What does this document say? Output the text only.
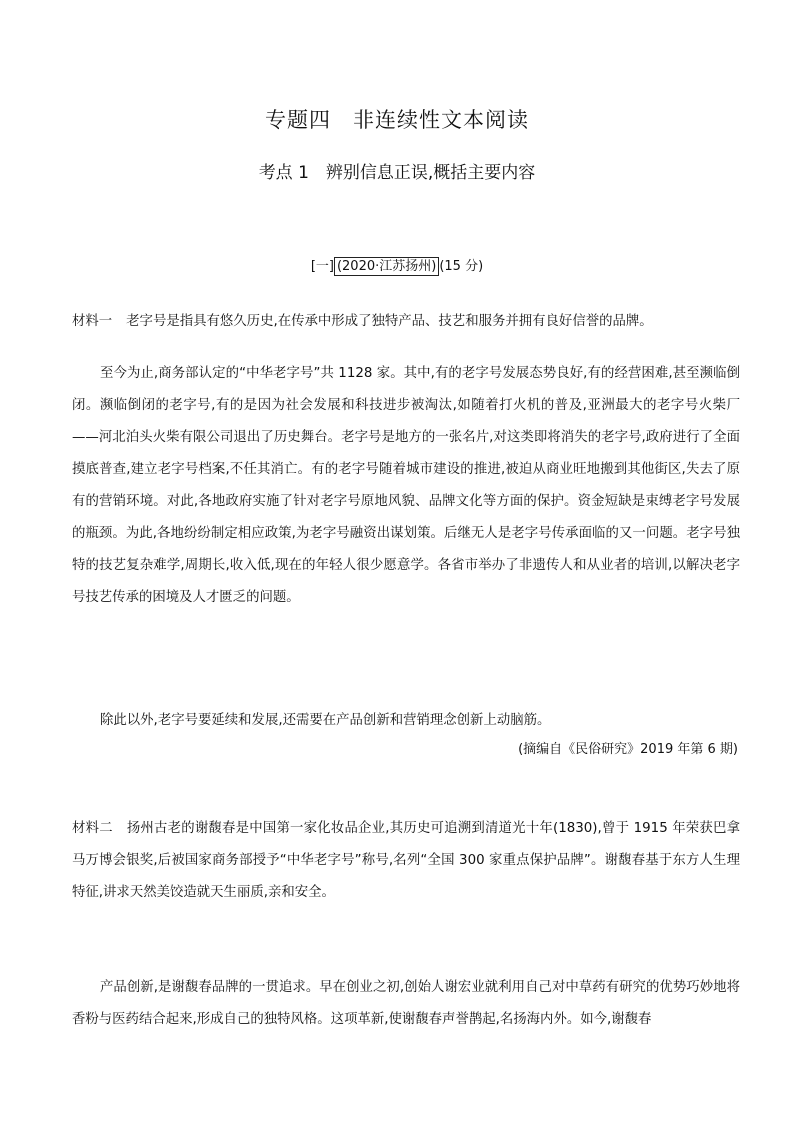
专题四　非连续性文本阅读
考点 1　辨别信息正误,概括主要内容
[一] (2020·江苏扬州) (15 分)

材料一 老字号是指具有悠久历史,在传承中形成了独特产品、技艺和服务并拥有良好信誉的品牌。

至今为止,商务部认定的“中华老字号”共 1128 家。其中,有的老字号发展态势良好,有的经营困难,甚至濒临倒闭。濒临倒闭的老字号,有的是因为社会发展和科技进步被淘汰,如随着打火机的普及,亚洲最大的老字号火柴厂——河北泊头火柴有限公司退出了历史舞台。老字号是地方的一张名片,对这类即将消失的老字号,政府进行了全面摸底普查,建立老字号档案,不任其消亡。有的老字号随着城市建设的推进,被迫从商业旺地搬到其他街区,失去了原有的营销环境。对此,各地政府实施了针对老字号原地风貌、品牌文化等方面的保护。资金短缺是束缚老字号发展的瓶颈。为此,各地纷纷制定相应政策,为老字号融资出谋划策。后继无人是老字号传承面临的又一问题。老字号独特的技艺复杂难学,周期长,收入低,现在的年轻人很少愿意学。各省市举办了非遗传人和从业者的培训,以解决老字号技艺传承的困境及人才匮乏的问题。

除此以外,老字号要延续和发展,还需要在产品创新和营销理念创新上动脑筋。

(摘编自《民俗研究》2019 年第 6 期)

材料二 扬州古老的谢馥春是中国第一家化妆品企业,其历史可追溯到清道光十年(1830),曾于 1915 年荣获巴拿马万博会银奖,后被国家商务部授予“中华老字号”称号,名列“全国 300 家重点保护品牌”。谢馥春基于东方人生理特征,讲求天然美饺造就天生丽质,亲和安全。

产品创新,是谢馥春品牌的一贯追求。早在创业之初,创始人谢宏业就利用自己对中草药有研究的优势巧妙地将香粉与医药结合起来,形成自己的独特风格。这项革新,使谢馥春声誉鹊起,名扬海内外。如今,谢馥春
